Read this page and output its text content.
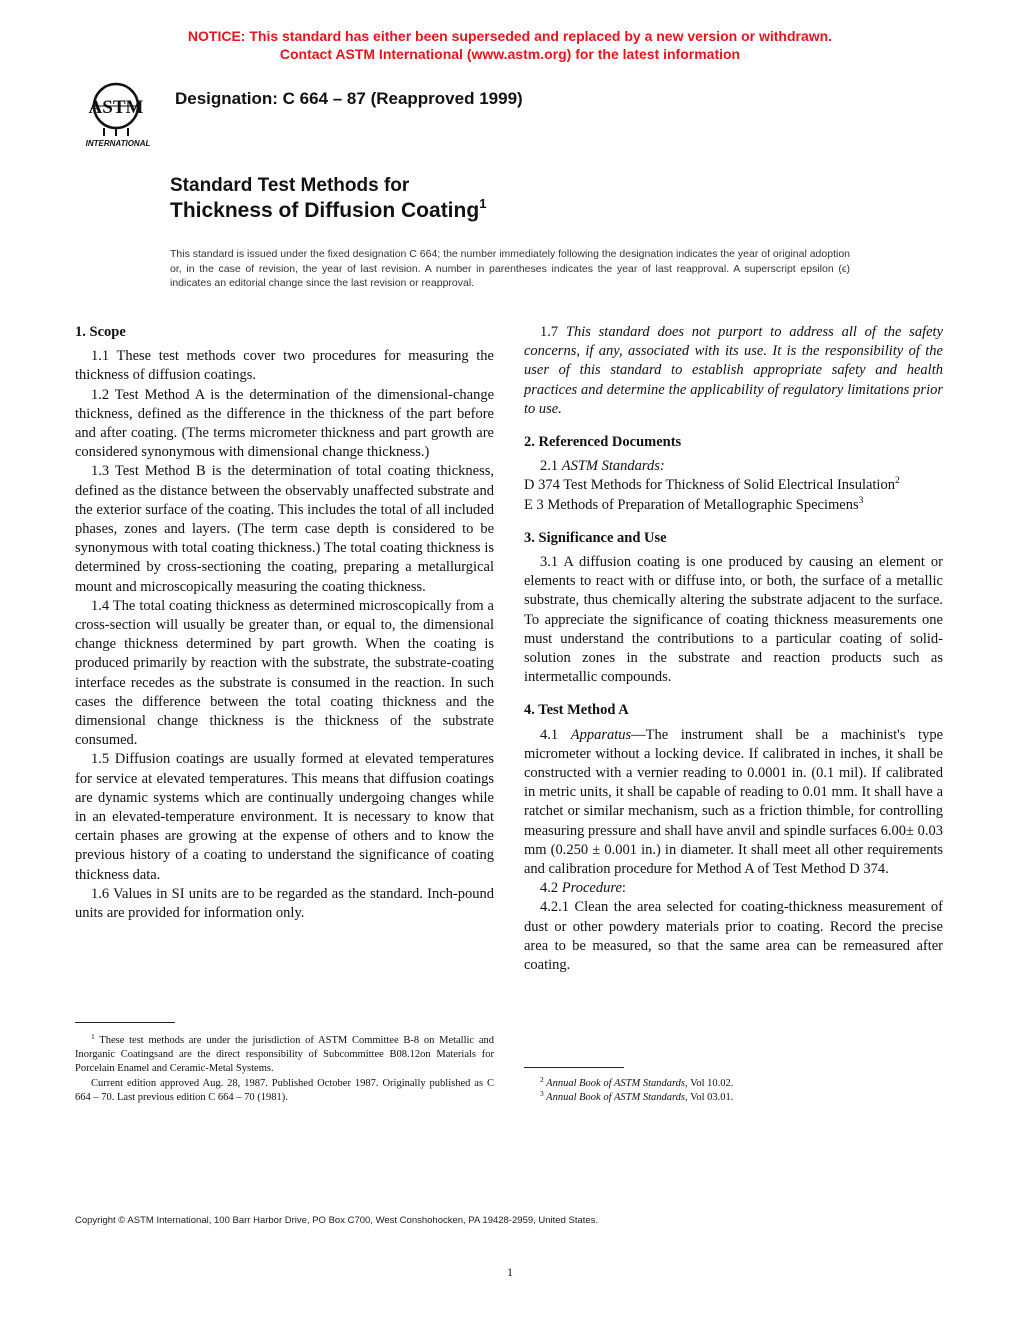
NOTICE: This standard has either been superseded and replaced by a new version or withdrawn.
Contact ASTM International (www.astm.org) for the latest information
ASTM
INTERNATIONAL
Designation: C 664 – 87 (Reapproved 1999)
Standard Test Methods for
Thickness of Diffusion Coating$^1$
This standard is issued under the fixed designation C 664; the number immediately following the designation indicates the year of original adoption or, in the case of revision, the year of last revision. A number in parentheses indicates the year of last reapproval. A superscript epsilon (ϵ) indicates an editorial change since the last revision or reapproval.
1. Scope

1.1 These test methods cover two procedures for measuring the thickness of diffusion coatings.

1.2 Test Method A is the determination of the dimensional-change thickness, defined as the difference in the thickness of the part before and after coating. (The terms micrometer thickness and part growth are considered synonymous with dimensional change thickness.)

1.3 Test Method B is the determination of total coating thickness, defined as the distance between the observably unaffected substrate and the exterior surface of the coating. This includes the total of all included phases, zones and layers. (The term case depth is considered to be synonymous with total coating thickness.) The total coating thickness is determined by cross-sectioning the coating, preparing a metallurgical mount and microscopically measuring the coating thickness.

1.4 The total coating thickness as determined microscopically from a cross-section will usually be greater than, or equal to, the dimensional change thickness determined by part growth. When the coating is produced primarily by reaction with the substrate, the substrate-coating interface recedes as the substrate is consumed in the reaction. In such cases the difference between the total coating thickness and the dimensional change thickness is the thickness of the substrate consumed.

1.5 Diffusion coatings are usually formed at elevated temperatures for service at elevated temperatures. This means that diffusion coatings are dynamic systems which are continually undergoing changes while in an elevated-temperature environment. It is necessary to know that certain phases are growing at the expense of others and to know the previous history of a coating to understand the significance of coating thickness data.

1.6 Values in SI units are to be regarded as the standard. Inch-pound units are provided for information only.

$^1$ These test methods are under the jurisdiction of ASTM Committee B-8 on Metallic and Inorganic Coatingsand are the direct responsibility of Subcommittee B08.12on Materials for Porcelain Enamel and Ceramic-Metal Systems.

Current edition approved Aug. 28, 1987. Published October 1987. Originally published as C 664 – 70. Last previous edition C 664 – 70 (1981).

1.7 This standard does not purport to address all of the safety concerns, if any, associated with its use. It is the responsibility of the user of this standard to establish appropriate safety and health practices and determine the applicability of regulatory limitations prior to use.

2. Referenced Documents

2.1 ASTM Standards:

D 374 Test Methods for Thickness of Solid Electrical Insulation$^2$

E 3 Methods of Preparation of Metallographic Specimens$^3$

3. Significance and Use

3.1 A diffusion coating is one produced by causing an element or elements to react with or diffuse into, or both, the surface of a metallic substrate, thus chemically altering the substrate adjacent to the surface. To appreciate the significance of coating thickness measurements one must understand the contributions to a particular coating of solid-solution zones in the substrate and reaction products such as intermetallic compounds.

4. Test Method A

4.1 Apparatus—The instrument shall be a machinist's type micrometer without a locking device. If calibrated in inches, it shall be constructed with a vernier reading to 0.0001 in. (0.1 mil). If calibrated in metric units, it shall be capable of reading to 0.01 mm. It shall have a ratchet or similar mechanism, such as a friction thimble, for controlling measuring pressure and shall have anvil and spindle surfaces 6.00± 0.03 mm (0.250 ± 0.001 in.) in diameter. It shall meet all other requirements and calibration procedure for Method A of Test Method D 374.

4.2 Procedure:

4.2.1 Clean the area selected for coating-thickness measurement of dust or other powdery materials prior to coating. Record the precise area to be measured, so that the same area can be remeasured after coating.

$^2$ Annual Book of ASTM Standards, Vol 10.02.

$^3$ Annual Book of ASTM Standards, Vol 03.01.

Copyright © ASTM International, 100 Barr Harbor Drive, PO Box C700, West Conshohocken, PA 19428-2959, United States.
1
